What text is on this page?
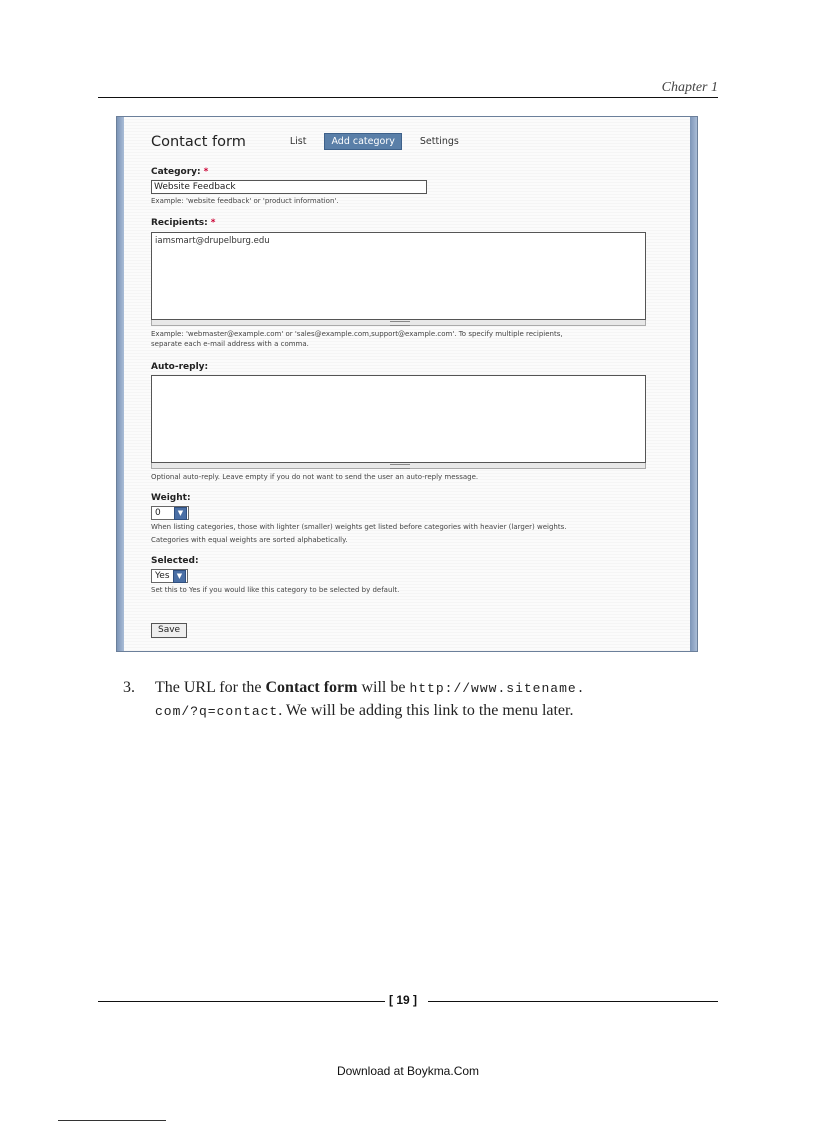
Chapter 1
Contact form	List	Add category	Settings
Category: *
Website Feedback
Example: 'website feedback' or 'product information'.
Recipients: *
iamsmart@drupelburg.edu
Example: 'webmaster@example.com' or 'sales@example.com,support@example.com'. To specify multiple recipients,
separate each e-mail address with a comma.
Auto-reply:
Optional auto-reply. Leave empty if you do not want to send the user an auto-reply message.
Weight:
0	▼
When listing categories, those with lighter (smaller) weights get listed before categories with heavier (larger) weights.
Categories with equal weights are sorted alphabetically.
Selected:
Yes	▼
Set this to Yes if you would like this category to be selected by default.
Save
3. The URL for the Contact form will be http://www.sitename.
com/?q=contact. We will be adding this link to the menu later.
[ 19 ]
Download at Boykma.Com
